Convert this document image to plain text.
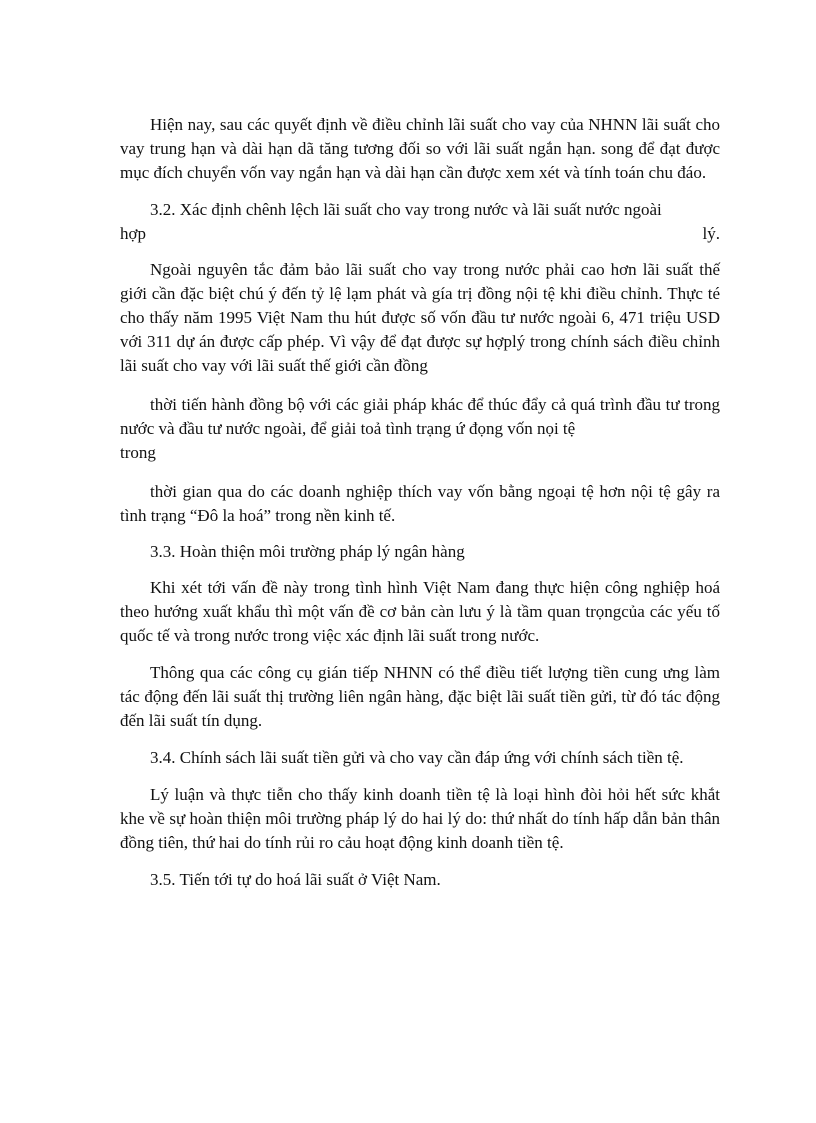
Hiện nay, sau các quyết định về điều chỉnh lãi suất cho vay của NHNN lãi suất cho vay trung hạn và dài hạn dã tăng tương đối so với lãi suất ngắn hạn. song để đạt được mục đích chuyển vốn vay ngắn hạn và dài hạn cần được xem xét và tính toán chu đáo.

3.2. Xác định chênh lệch lãi suất cho vay trong nước và lãi suất nước ngoài
hợp	lý.

Ngoài nguyên tắc đảm bảo lãi suất cho vay trong nước phải cao hơn lãi suất thế giới cần đặc biệt chú ý đến tỷ lệ lạm phát và gía trị đồng nội tệ khi điều chỉnh. Thực té cho thấy năm 1995 Việt Nam thu hút được số vốn đầu tư nước ngoài 6, 471 triệu USD với 311 dự án được cấp phép. Vì vậy để đạt được sự hợplý trong chính sách điều chỉnh lãi suất cho vay với lãi suất thế giới cần đồng

thời tiến hành đồng bộ với các giải pháp khác để thúc đẩy cả quá trình đầu tư trong nước và đầu tư nước ngoài, để giải toả tình trạng ứ đọng vốn nọi tệ

trong

thời gian qua do các doanh nghiệp thích vay vốn bằng ngoại tệ hơn nội tệ gây ra tình trạng “Đô la hoá” trong nền kinh tế.

3.3. Hoàn thiện môi trường pháp lý ngân hàng

Khi xét tới vấn đề này trong tình hình Việt Nam đang thực hiện công nghiệp hoá theo hướng xuất khẩu thì một vấn đề cơ bản càn lưu ý là tầm quan trọngcủa các yếu tố quốc tế và trong nước trong việc xác định lãi suất trong nước.

Thông qua các công cụ gián tiếp NHNN có thể điều tiết lượng tiền cung ưng làm tác động đến lãi suất thị trường liên ngân hàng, đặc biệt lãi suất tiền gửi, từ đó tác động đến lãi suất tín dụng.

3.4. Chính sách lãi suất tiền gửi và cho vay cần đáp ứng với chính sách tiền tệ.

Lý luận và thực tiễn cho thấy kinh doanh tiền tệ là loại hình đòi hỏi hết sức khắt khe về sự hoàn thiện môi trường pháp lý do hai lý do: thứ nhất do tính hấp dẫn bản thân đồng tiên, thứ hai do tính rủi ro cảu hoạt động kinh doanh tiền tệ.

3.5. Tiến tới tự do hoá lãi suất ở Việt Nam.
